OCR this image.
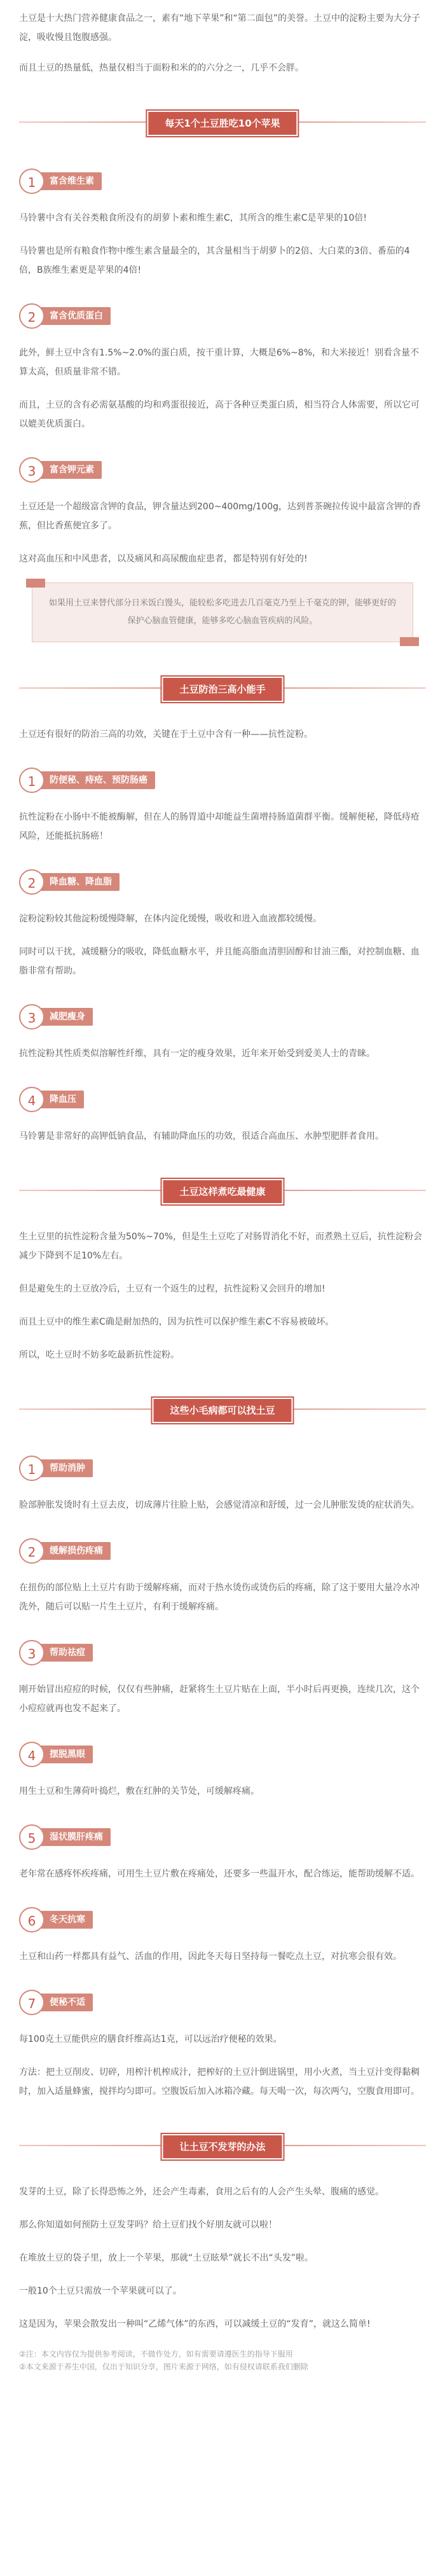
土豆是十大热门营养健康食品之一，素有“地下苹果”和“第二面包”的美誉。土豆中的淀粉主要为大分子淀，吸收慢且饱腹感强。

而且土豆的热量低，热量仅相当于面粉和米的的六分之一，几乎不会胖。

每天1个土豆胜吃10个苹果
1	富含维生素

马铃薯中含有关谷类粮食所没有的胡萝卜素和维生素C，其所含的维生素C是苹果的10倍!

马铃薯也是所有粮食作物中维生素含量最全的，其含量相当于胡萝卜的2倍、大白菜的3倍、番茄的4倍，B族维生素更是苹果的4倍!

2	富含优质蛋白

此外，鲜土豆中含有1.5%~2.0%的蛋白质，按干重计算，大概是6%~8%，和大米接近！别看含量不算太高，但质量非常不错。

而且，土豆的含有必需氨基酸的均和鸡蛋很接近，高于各种豆类蛋白质，相当符合人体需要，所以它可以媲美优质蛋白。

3	富含钾元素

土豆还是一个超级富含钾的食品，钾含量达到200~400mg/100g，达到普茶碗拉传说中最富含钾的香蕉，但比香蕉便宜多了。

这对高血压和中风患者，以及痛风和高尿酸血症患者，都是特别有好处的!

如果用土豆来替代部分日米饭白馒头，能较松多吃进去几百毫克乃至上千毫克的钾，能够更好的保护心脑血管健康，能够多吃心脑血管疾病的风险。
土豆防治三高小能手

土豆还有很好的防治三高的功效，关键在于土豆中含有一种——抗性淀粉。

1	防便秘、痔疮、预防肠癌

抗性淀粉在小肠中不能被酶解，但在人的肠胃道中却能益生菌增持肠道菌群平衡。缓解便秘，降低痔疮风险，还能抵抗肠癌！

2	降血糖、降血脂

淀粉淀粉较其他淀粉缓慢降解，在体内淀化缓慢，吸收和进入血液都较缓慢。

同时可以干扰，减缓糖分的吸收，降低血糖水平，并且能高脂血清胆固醇和甘油三酯，对控制血糖、血脂非常有帮助。

3	减肥瘦身

抗性淀粉其性质类似溶解性纤维，具有一定的瘦身效果，近年来开始受到爱美人士的青睐。

4	降血压

马铃薯是非常好的高钾低钠食品，有辅助降血压的功效，很适合高血压、水肿型肥胖者食用。

土豆这样煮吃最健康

生土豆里的抗性淀粉含量为50%~70%，但是生土豆吃了对肠胃消化不好，而煮熟土豆后，抗性淀粉会减少下降到不足10%左右。

但是避免生的土豆放冷后，土豆有一个返生的过程，抗性淀粉又会回升的增加!

而且土豆中的维生素C确是耐加热的，因为抗性可以保护维生素C不容易被破坏。

所以，吃土豆时不妨多吃最新抗性淀粉。

这些小毛病都可以找土豆
1	帮助消肿

脸部肿胀发烫时有土豆去皮，切成薄片往脸上贴，会感觉清凉和舒缓，过一会儿肿胀发烫的症状消失。

2	缓解损伤疼痛

在扭伤的部位贴上土豆片有助于缓解疼痛，而对于热水烫伤或烫伤后的疼痛，除了这于要用大量冷水冲洗外，随后可以贴一片生土豆片，有利于缓解疼痛。

3	帮助祛痘

刚开始冒出痘痘的时候，仅仅有些肿痛，赶紧将生土豆片贴在上面，半小时后再更换，连续几次，这个小痘痘就再也发不起来了。

4	摆脱黑眼

用生土豆和生薄荷叶捣烂，敷在红肿的关节处，可缓解疼痛。

5	湿状膜肝疼痛

老年常在感疼怀疾疼痛，可用生土豆片敷在疼痛处，还要多一些温开水，配合练运，能帮助缓解不适。

6	冬天抗寒

土豆和山药一样都具有益气、活血的作用，因此冬天每日坚持每一餐吃点土豆，对抗寒会很有效。

7	便秘不适

每100克土豆能供应的膳食纤维高达1克，可以远治疗便秘的效果。

方法：把土豆削皮、切碎，用榨汁机榨成汁，把榨好的土豆汁倒进锅里，用小火煮，当土豆汁变得黏稠时，加入适量蜂蜜，搅拌均匀即可。空腹饭后加入冰箱冷藏。每天喝一次，每次两勺，空腹食用即可。

让土豆不发芽的办法

发芽的土豆，除了长得恐怖之外，还会产生毒素，食用之后有的人会产生头晕、腹痛的感觉。

那么你知道如何预防土豆发芽吗？给土豆们找个好朋友就可以啦！

在堆放土豆的袋子里，放上一个苹果，那就“土豆眩晕”就长不出“头发”啦。

一般10个土豆只需放一个苹果就可以了。

这是因为，苹果会散发出一种叫“乙烯气体”的东西，可以减缓土豆的“发育”，就这么简单!

②注：本文内容仅为提供参考阅读，不做作处方，如有需要请遵医生的指导下服用
②本文来源于养生中国，仅出于知识分享，图片来源于网络，如有侵权请联系我们删除
